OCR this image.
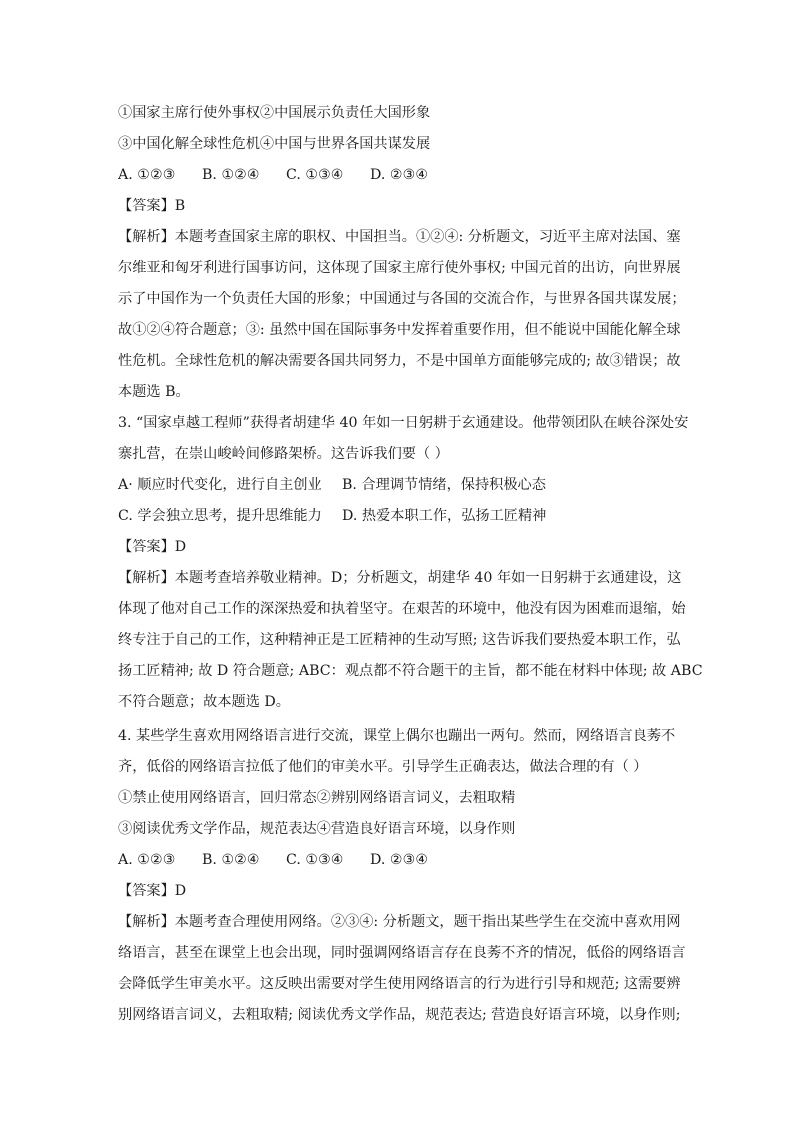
①国家主席行使外事权②中国展示负责任大国形象
③中国化解全球性危机④中国与世界各国共谋发展
A. ①②③ B. ①②④ C. ①③④ D. ②③④
【答案】B
【解析】本题考查国家主席的职权、中国担当。①②④: 分析题文，习近平主席对法国、塞
尔维亚和匈牙利进行国事访问，这体现了国家主席行使外事权; 中国元首的出访，向世界展
示了中国作为一个负责任大国的形象；中国通过与各国的交流合作，与世界各国共谋发展；
故①②④符合题意；③: 虽然中国在国际事务中发挥着重要作用，但不能说中国能化解全球
性危机。全球性危机的解决需要各国共同努力，不是中国单方面能够完成的; 故③错误；故
本题选 B。
3. “国家卓越工程师”获得者胡建华 40 年如一日躬耕于玄通建设。他带领团队在峡谷深处安
寨扎营，在崇山峻岭间修路架桥。这告诉我们要（ ）
A· 顺应时代变化，进行自主创业 B. 合理调节情绪，保持积极心态
C. 学会独立思考，提升思维能力 D. 热爱本职工作，弘扬工匠精神
【答案】D
【解析】本题考查培养敬业精神。D；分析题文，胡建华 40 年如一日躬耕于玄通建设，这
体现了他对自己工作的深深热爱和执着坚守。在艰苦的环境中，他没有因为困难而退缩，始
终专注于自己的工作，这种精神正是工匠精神的生动写照; 这告诉我们要热爱本职工作，弘
扬工匠精神; 故 D 符合题意; ABC：观点都不符合题干的主旨，都不能在材料中体现; 故 ABC
不符合题意；故本题选 D。
4. 某些学生喜欢用网络语言进行交流，课堂上偶尔也蹦出一两句。然而，网络语言良莠不
齐，低俗的网络语言拉低了他们的审美水平。引导学生正确表达，做法合理的有（ ）
①禁止使用网络语言，回归常态②辨别网络语言词义，去粗取精
③阅读优秀文学作品，规范表达④营造良好语言环境，以身作则
A. ①②③ B. ①②④ C. ①③④ D. ②③④
【答案】D
【解析】本题考查合理使用网络。②③④: 分析题文，题干指出某些学生在交流中喜欢用网
络语言，甚至在课堂上也会出现，同时强调网络语言存在良莠不齐的情况，低俗的网络语言
会降低学生审美水平。这反映出需要对学生使用网络语言的行为进行引导和规范; 这需要辨
别网络语言词义，去粗取精; 阅读优秀文学作品，规范表达; 营造良好语言环境，以身作则;
